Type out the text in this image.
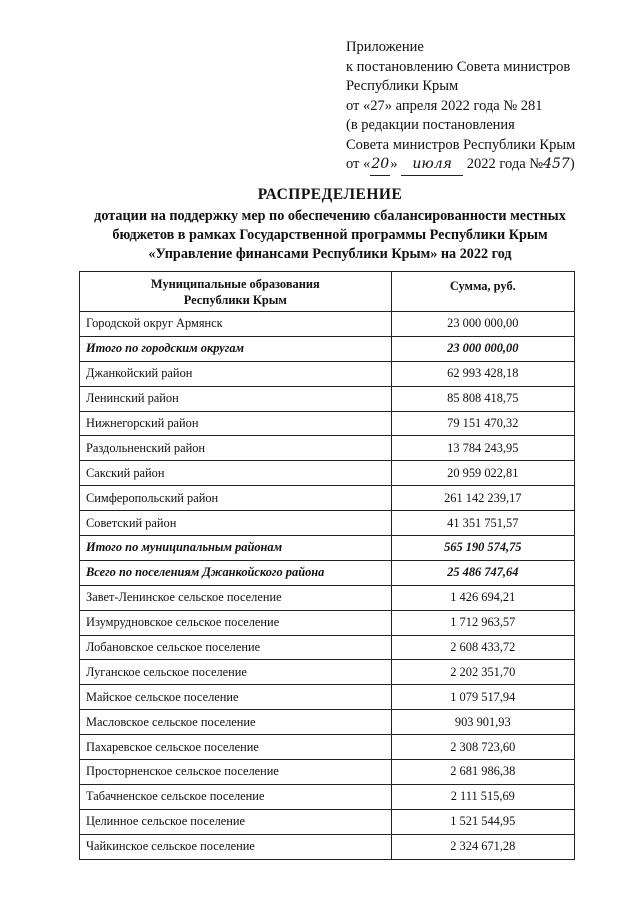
Приложение
к постановлению Совета министров
Республики Крым
от «27» апреля 2022 года № 281
(в редакции постановления
Совета министров Республики Крым
от «20» июля 2022 года №457)
РАСПРЕДЕЛЕНИЕ
дотации на поддержку мер по обеспечению сбалансированности местных
бюджетов в рамках Государственной программы Республики Крым
«Управление финансами Республики Крым» на 2022 год
Муниципальные образования
Республики Крым	Сумма, руб.
Городской округ Армянск	23 000 000,00
Итого по городским округам	23 000 000,00
Джанкойский район	62 993 428,18
Ленинский район	85 808 418,75
Нижнегорский район	79 151 470,32
Раздольненский район	13 784 243,95
Сакский район	20 959 022,81
Симферопольский район	261 142 239,17
Советский район	41 351 751,57
Итого по муниципальным районам	565 190 574,75
Всего по поселениям Джанкойского района	25 486 747,64
Завет-Ленинское сельское поселение	1 426 694,21
Изумрудновское сельское поселение	1 712 963,57
Лобановское сельское поселение	2 608 433,72
Луганское сельское поселение	2 202 351,70
Майское сельское поселение	1 079 517,94
Масловское сельское поселение	903 901,93
Пахаревское сельское поселение	2 308 723,60
Просторненское сельское поселение	2 681 986,38
Табачненское сельское поселение	2 111 515,69
Целинное сельское поселение	1 521 544,95
Чайкинское сельское поселение	2 324 671,28
